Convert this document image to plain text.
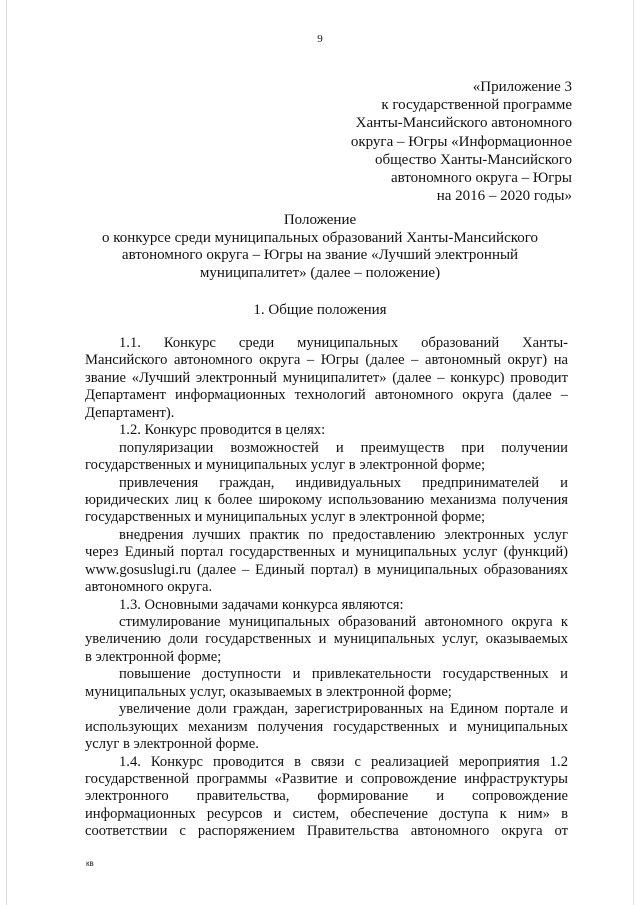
9
«Приложение 3
к государственной программе
Ханты-Мансийского автономного
округа – Югры «Информационное
общество Ханты-Мансийского
автономного округа – Югры
на 2016 – 2020 годы»
Положение
о конкурсе среди муниципальных образований Ханты-Мансийского
автономного округа – Югры на звание «Лучший электронный
муниципалитет» (далее – положение)
1. Общие положения
1.1. Конкурс среди муниципальных образований Ханты-
Мансийского автономного округа – Югры (далее – автономный округ) на
звание «Лучший электронный муниципалитет» (далее – конкурс) проводит
Департамент информационных технологий автономного округа (далее –
Департамент).
1.2. Конкурс проводится в целях:
популяризации возможностей и преимуществ при получении
государственных и муниципальных услуг в электронной форме;
привлечения граждан, индивидуальных предпринимателей и
юридических лиц к более широкому использованию механизма получения
государственных и муниципальных услуг в электронной форме;
внедрения лучших практик по предоставлению электронных услуг
через Единый портал государственных и муниципальных услуг (функций)
www.gosuslugi.ru (далее – Единый портал) в муниципальных образованиях
автономного округа.
1.3. Основными задачами конкурса являются:
стимулирование муниципальных образований автономного округа к
увеличению доли государственных и муниципальных услуг, оказываемых
в электронной форме;
повышение доступности и привлекательности государственных и
муниципальных услуг, оказываемых в электронной форме;
увеличение доли граждан, зарегистрированных на Едином портале и
использующих механизм получения государственных и муниципальных
услуг в электронной форме.
1.4. Конкурс проводится в связи с реализацией мероприятия 1.2
государственной программы «Развитие и сопровождение инфраструктуры
электронного правительства, формирование и сопровождение
информационных ресурсов и систем, обеспечение доступа к ним» в
соответствии с распоряжением Правительства автономного округа от
кв
